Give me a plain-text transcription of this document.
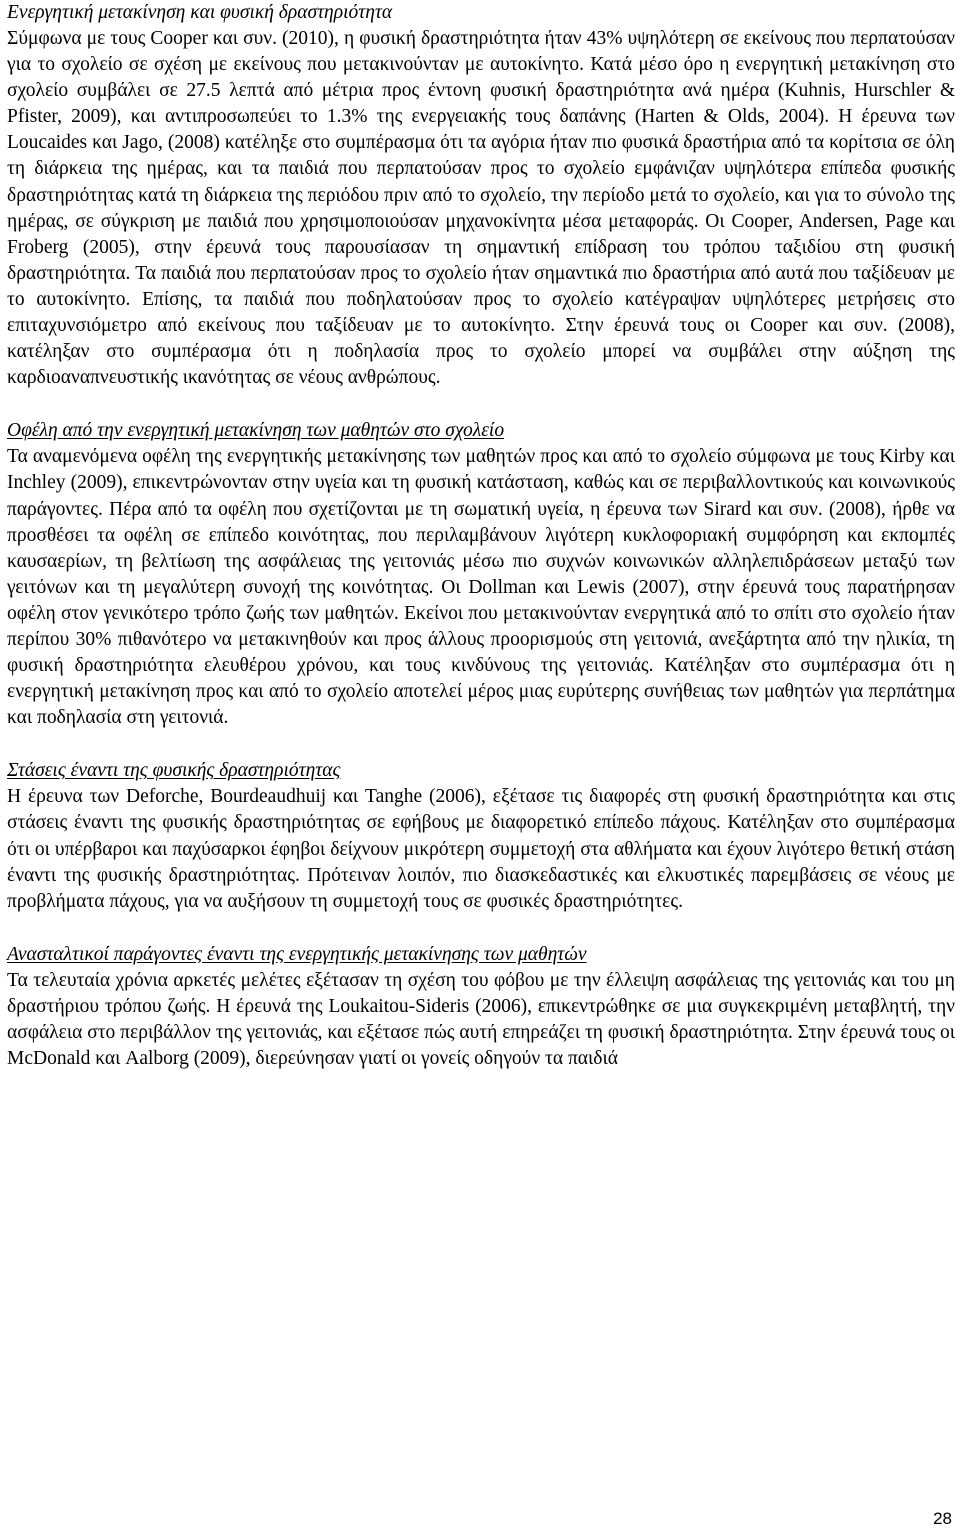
Ενεργητική μετακίνηση και φυσική δραστηριότητα

Σύμφωνα με τους Cooper και συν. (2010), η φυσική δραστηριότητα ήταν 43% υψηλότερη σε εκείνους που περπατούσαν για το σχολείο σε σχέση με εκείνους που μετακινούνταν με αυτοκίνητο. Κατά μέσο όρο η ενεργητική μετακίνηση στο σχολείο συμβάλει σε 27.5 λεπτά από μέτρια προς έντονη φυσική δραστηριότητα ανά ημέρα (Kuhnis, Hurschler & Pfister, 2009), και αντιπροσωπεύει το 1.3% της ενεργειακής τους δαπάνης (Harten & Olds, 2004). Η έρευνα των Loucaides και Jago, (2008) κατέληξε στο συμπέρασμα ότι τα αγόρια ήταν πιο φυσικά δραστήρια από τα κορίτσια σε όλη τη διάρκεια της ημέρας, και τα παιδιά που περπατούσαν προς το σχολείο εμφάνιζαν υψηλότερα επίπεδα φυσικής δραστηριότητας κατά τη διάρκεια της περιόδου πριν από το σχολείο, την περίοδο μετά το σχολείο, και για το σύνολο της ημέρας, σε σύγκριση με παιδιά που χρησιμοποιούσαν μηχανοκίνητα μέσα μεταφοράς. Οι Cooper, Andersen, Page και Froberg (2005), στην έρευνά τους παρουσίασαν τη σημαντική επίδραση του τρόπου ταξιδίου στη φυσική δραστηριότητα. Τα παιδιά που περπατούσαν προς το σχολείο ήταν σημαντικά πιο δραστήρια από αυτά που ταξίδευαν με το αυτοκίνητο. Επίσης, τα παιδιά που ποδηλατούσαν προς το σχολείο κατέγραψαν υψηλότερες μετρήσεις στο επιταχυνσιόμετρο από εκείνους που ταξίδευαν με το αυτοκίνητο. Στην έρευνά τους οι Cooper και συν. (2008), κατέληξαν στο συμπέρασμα ότι η ποδηλασία προς το σχολείο μπορεί να συμβάλει στην αύξηση της καρδιοαναπνευστικής ικανότητας σε νέους ανθρώπους.

Οφέλη από την ενεργητική μετακίνηση των μαθητών στο σχολείο

Τα αναμενόμενα οφέλη της ενεργητικής μετακίνησης των μαθητών προς και από το σχολείο σύμφωνα με τους Kirby και Inchley (2009), επικεντρώνονταν στην υγεία και τη φυσική κατάσταση, καθώς και σε περιβαλλοντικούς και κοινωνικούς παράγοντες. Πέρα από τα οφέλη που σχετίζονται με τη σωματική υγεία, η έρευνα των Sirard και συν. (2008), ήρθε να προσθέσει τα οφέλη σε επίπεδο κοινότητας, που περιλαμβάνουν λιγότερη κυκλοφοριακή συμφόρηση και εκπομπές καυσαερίων, τη βελτίωση της ασφάλειας της γειτονιάς μέσω πιο συχνών κοινωνικών αλληλεπιδράσεων μεταξύ των γειτόνων και τη μεγαλύτερη συνοχή της κοινότητας. Οι Dollman και Lewis (2007), στην έρευνά τους παρατήρησαν οφέλη στον γενικότερο τρόπο ζωής των μαθητών. Εκείνοι που μετακινούνταν ενεργητικά από το σπίτι στο σχολείο ήταν περίπου 30% πιθανότερο να μετακινηθούν και προς άλλους προορισμούς στη γειτονιά, ανεξάρτητα από την ηλικία, τη φυσική δραστηριότητα ελευθέρου χρόνου, και τους κινδύνους της γειτονιάς. Κατέληξαν στο συμπέρασμα ότι η ενεργητική μετακίνηση προς και από το σχολείο αποτελεί μέρος μιας ευρύτερης συνήθειας των μαθητών για περπάτημα και ποδηλασία στη γειτονιά.

Στάσεις έναντι της φυσικής δραστηριότητας

Η έρευνα των Deforche, Bourdeaudhuij και Tanghe (2006), εξέτασε τις διαφορές στη φυσική δραστηριότητα και στις στάσεις έναντι της φυσικής δραστηριότητας σε εφήβους με διαφορετικό επίπεδο πάχους. Κατέληξαν στο συμπέρασμα ότι οι υπέρβαροι και παχύσαρκοι έφηβοι δείχνουν μικρότερη συμμετοχή στα αθλήματα και έχουν λιγότερο θετική στάση έναντι της φυσικής δραστηριότητας. Πρότειναν λοιπόν, πιο διασκεδαστικές και ελκυστικές παρεμβάσεις σε νέους με προβλήματα πάχους, για να αυξήσουν τη συμμετοχή τους σε φυσικές δραστηριότητες.

Ανασταλτικοί παράγοντες έναντι της ενεργητικής μετακίνησης των μαθητών

Τα τελευταία χρόνια αρκετές μελέτες εξέτασαν τη σχέση του φόβου με την έλλειψη ασφάλειας της γειτονιάς και του μη δραστήριου τρόπου ζωής. Η έρευνά της Loukaitou-Sideris (2006), επικεντρώθηκε σε μια συγκεκριμένη μεταβλητή, την ασφάλεια στο περιβάλλον της γειτονιάς, και εξέτασε πώς αυτή επηρεάζει τη φυσική δραστηριότητα. Στην έρευνά τους οι McDonald και Aalborg (2009), διερεύνησαν γιατί οι γονείς οδηγούν τα παιδιά

28
